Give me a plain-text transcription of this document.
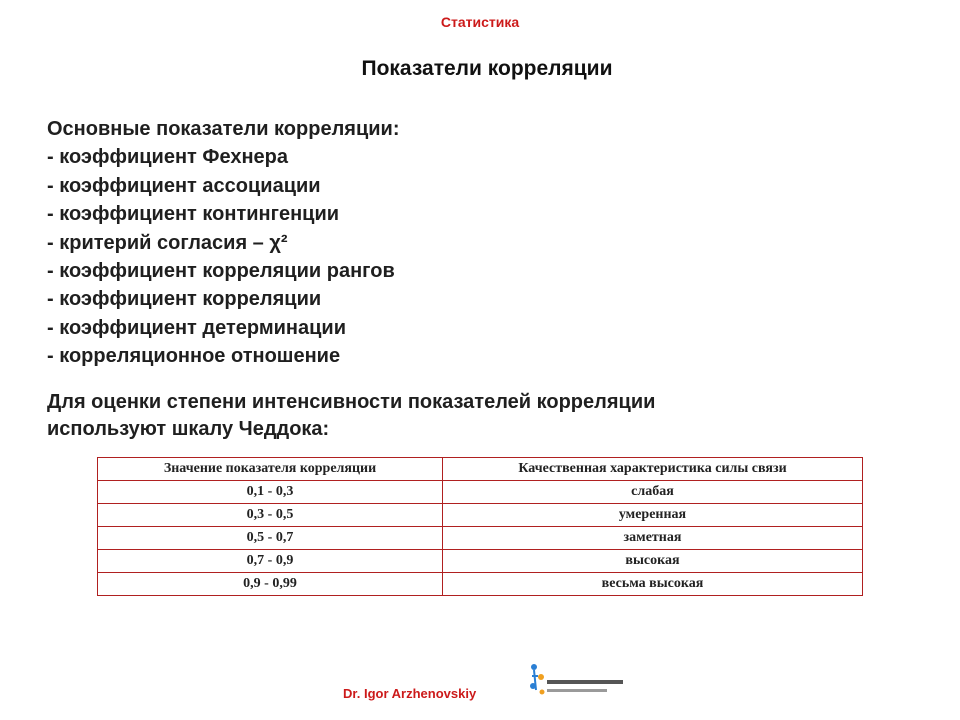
Статистика
Показатели корреляции
Основные показатели корреляции:
- коэффициент Фехнера
- коэффициент ассоциации
- коэффициент контингенции
- критерий согласия – χ²
- коэффициент корреляции рангов
- коэффициент корреляции
- коэффициент детерминации
- корреляционное отношение
Для оценки степени интенсивности показателей корреляции
используют шкалу Чеддока:
Значение показателя корреляции	Качественная характеристика силы связи
0,1 - 0,3	слабая
0,3 - 0,5	умеренная
0,5 - 0,7	заметная
0,7 - 0,9	высокая
0,9 - 0,99	весьма высокая
Dr. Igor Arzhenovskiy
